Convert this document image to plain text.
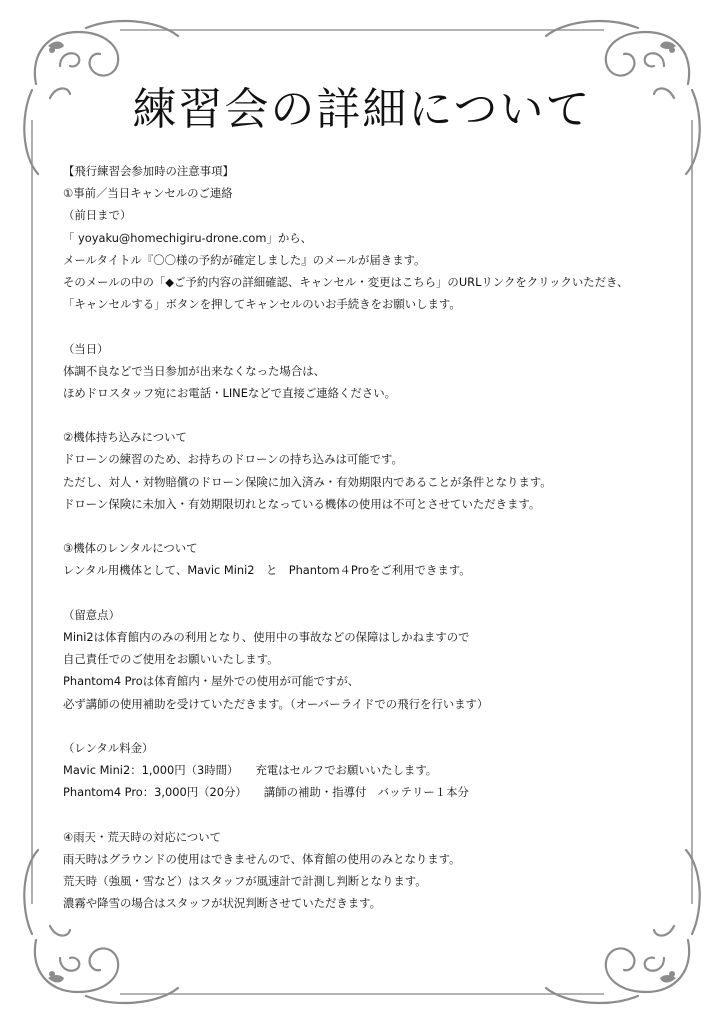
練習会の詳細について
【飛行練習会参加時の注意事項】
①事前／当日キャンセルのご連絡
（前日まで）
「 yoyaku@homechigiru-drone.com」から、
メールタイトル『〇〇様の予約が確定しました』のメールが届きます。
そのメールの中の「◆ご予約内容の詳細確認、キャンセル・変更はこちら」のURLリンクをクリックいただき、
「キャンセルする」ボタンを押してキャンセルのいお手続きをお願いします。
（当日）
体調不良などで当日参加が出来なくなった場合は、
ほめドロスタッフ宛にお電話・LINEなどで直接ご連絡ください。
②機体持ち込みについて
ドローンの練習のため、お持ちのドローンの持ち込みは可能です。
ただし、対人・対物賠償のドローン保険に加入済み・有効期限内であることが条件となります。
ドローン保険に未加入・有効期限切れとなっている機体の使用は不可とさせていただきます。
③機体のレンタルについて
レンタル用機体として、Mavic Mini2　と　Phantom４Proをご利用できます。
（留意点）
Mini2は体育館内のみの利用となり、使用中の事故などの保障はしかねますので
自己責任でのご使用をお願いいたします。
Phantom4 Proは体育館内・屋外での使用が可能ですが、
必ず講師の使用補助を受けていただきます。（オーバーライドでの飛行を行います）
（レンタル料金）
Mavic Mini2：1,000円（3時間）　　充電はセルフでお願いいたします。
Phantom4 Pro：3,000円（20分）　　講師の補助・指導付　バッテリー１本分
④雨天・荒天時の対応について
雨天時はグラウンドの使用はできませんので、体育館の使用のみとなります。
荒天時（強風・雪など）はスタッフが風速計で計測し判断となります。
濃霧や降雪の場合はスタッフが状況判断させていただきます。
